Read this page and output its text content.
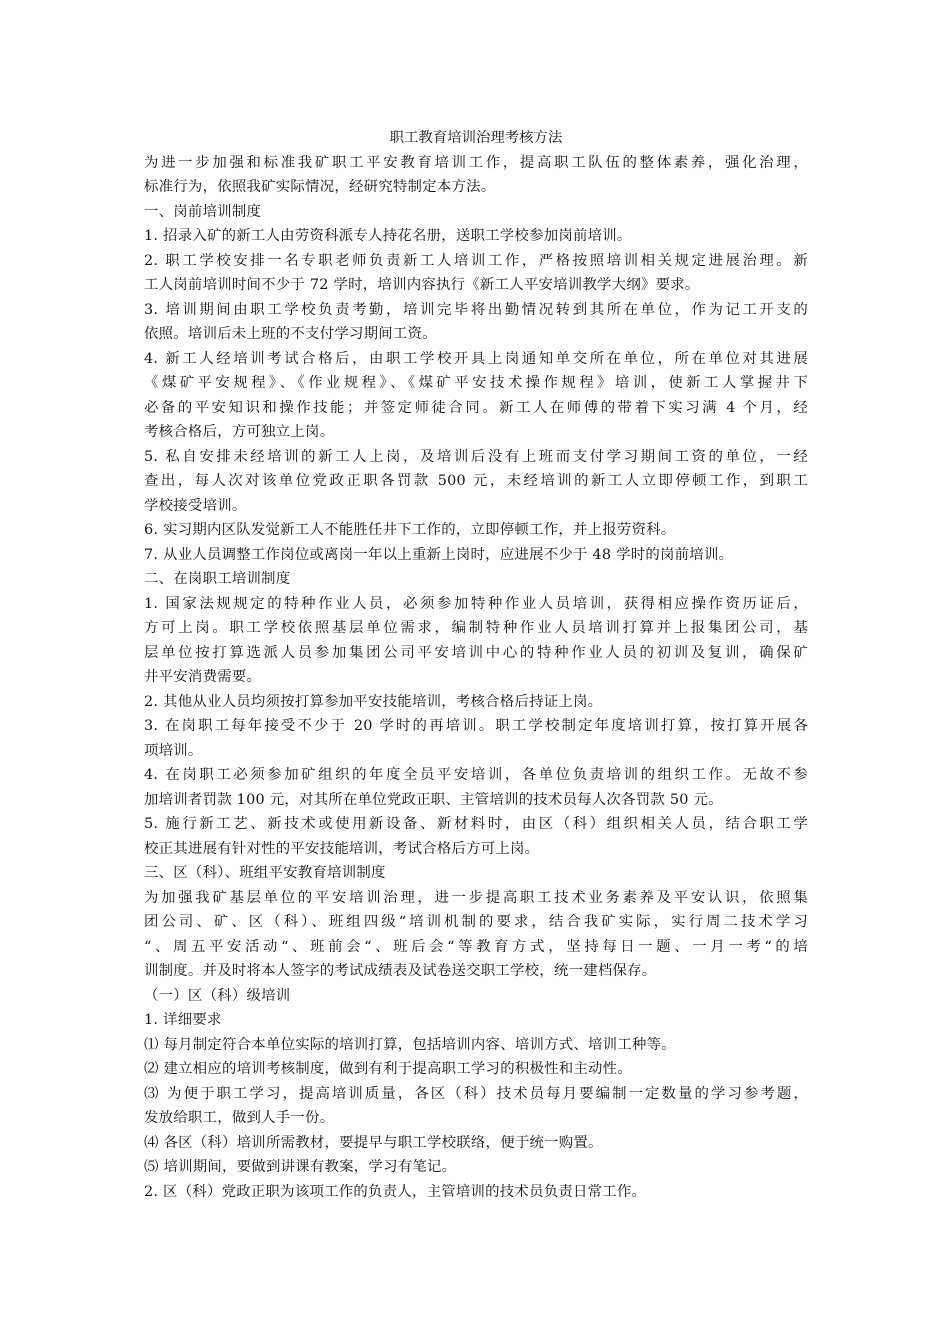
职工教育培训治理考核方法

为进一步加强和标准我矿职工平安教育培训工作，提高职工队伍的整体素养，强化治理，
标准行为，依照我矿实际情况，经研究特制定本方法。

一、岗前培训制度

1. 招录入矿的新工人由劳资科派专人持花名册，送职工学校参加岗前培训。

2. 职工学校安排一名专职老师负责新工人培训工作，严格按照培训相关规定进展治理。新
工人岗前培训时间不少于 72 学时，培训内容执行《新工人平安培训教学大纲》要求。

3. 培训期间由职工学校负责考勤，培训完毕将出勤情况转到其所在单位，作为记工开支的
依照。培训后未上班的不支付学习期间工资。

4. 新工人经培训考试合格后，由职工学校开具上岗通知单交所在单位，所在单位对其进展
《煤矿平安规程》、《作业规程》、《煤矿平安技术操作规程》培训，使新工人掌握井下
必备的平安知识和操作技能；并签定师徒合同。新工人在师傅的带着下实习满 4 个月，经
考核合格后，方可独立上岗。

5. 私自安排未经培训的新工人上岗，及培训后没有上班而支付学习期间工资的单位，一经
查出，每人次对该单位党政正职各罚款 500 元，未经培训的新工人立即停顿工作，到职工
学校接受培训。

6. 实习期内区队发觉新工人不能胜任井下工作的，立即停顿工作，并上报劳资科。

7. 从业人员调整工作岗位或离岗一年以上重新上岗时，应进展不少于 48 学时的岗前培训。

二、在岗职工培训制度

1. 国家法规规定的特种作业人员，必须参加特种作业人员培训，获得相应操作资历证后，
方可上岗。职工学校依照基层单位需求，编制特种作业人员培训打算并上报集团公司，基
层单位按打算选派人员参加集团公司平安培训中心的特种作业人员的初训及复训，确保矿
井平安消费需要。

2. 其他从业人员均须按打算参加平安技能培训，考核合格后持证上岗。

3. 在岗职工每年接受不少于 20 学时的再培训。职工学校制定年度培训打算，按打算开展各
项培训。

4. 在岗职工必须参加矿组织的年度全员平安培训，各单位负责培训的组织工作。无故不参
加培训者罚款 100 元，对其所在单位党政正职、主管培训的技术员每人次各罚款 50 元。

5. 施行新工艺、新技术或使用新设备、新材料时，由区（科）组织相关人员，结合职工学
校正其进展有针对性的平安技能培训，考试合格后方可上岗。

三、区（科）、班组平安教育培训制度

为加强我矿基层单位的平安培训治理，进一步提高职工技术业务素养及平安认识，依照集
团公司、矿、区（科）、班组四级“培训机制的要求，结合我矿实际，实行周二技术学习
“、周五平安活动“、班前会“、班后会“等教育方式，坚持每日一题、一月一考“的培
训制度。并及时将本人签字的考试成绩表及试卷送交职工学校，统一建档保存。

（一）区（科）级培训

1. 详细要求

⑴ 每月制定符合本单位实际的培训打算，包括培训内容、培训方式、培训工种等。

⑵ 建立相应的培训考核制度，做到有利于提高职工学习的积极性和主动性。

⑶ 为便于职工学习，提高培训质量，各区（科）技术员每月要编制一定数量的学习参考题，
发放给职工，做到人手一份。

⑷ 各区（科）培训所需教材，要提早与职工学校联络，便于统一购置。

⑸ 培训期间，要做到讲课有教案，学习有笔记。

2. 区（科）党政正职为该项工作的负责人，主管培训的技术员负责日常工作。
